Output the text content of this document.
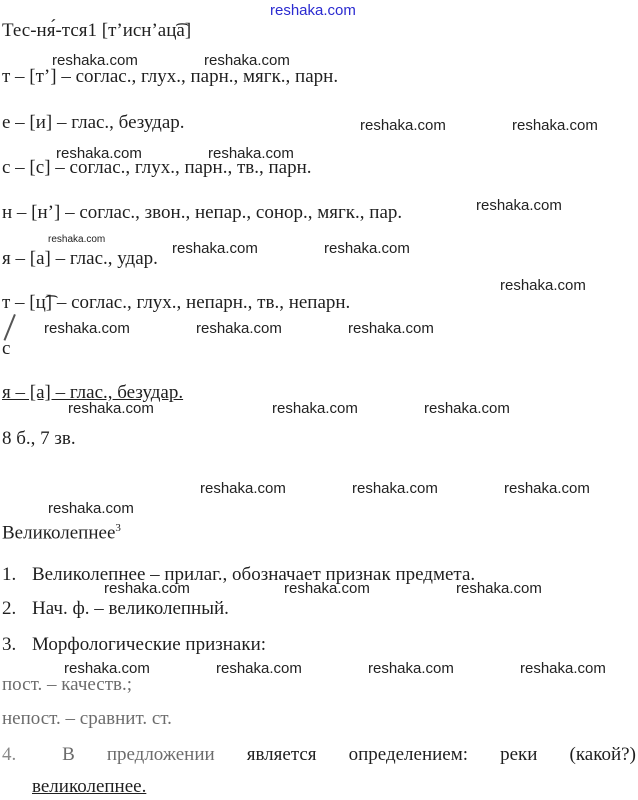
reshaka.com
Тес-ня́-тся1 [т’исн’ац͡а]
т – [т’] – соглас., глух., парн., мягк., парн.
е – [и] – глас., безудар.
с – [с] – соглас., глух., парн., тв., парн.
н – [н’] – соглас., звон., непар., сонор., мягк., пар.
я – [а] – глас., удар.
т – [ц͡] – соглас., глух., непарн., тв., непарн.
с
я – [а] – глас., безудар.
8 б., 7 зв.
Великолепнее$^3$
1. Великолепнее – прилаг., обозначает признак предмета.
2. Нач. ф. – великолепный.
3. Морфологические признаки:
пост. – качеств.;
непост. – сравнит. ст.
4.	В предложении является определением: реки (какой?)
великолепнее.
reshaka.com	reshaka.com
reshaka.com	reshaka.com
reshaka.com	reshaka.com
reshaka.com
reshaka.com
reshaka.com	reshaka.com
reshaka.com
reshaka.com	reshaka.com	reshaka.com
reshaka.com	reshaka.com	reshaka.com
reshaka.com	reshaka.com	reshaka.com
reshaka.com
reshaka.com	reshaka.com	reshaka.com
reshaka.com	reshaka.com	reshaka.com	reshaka.com
